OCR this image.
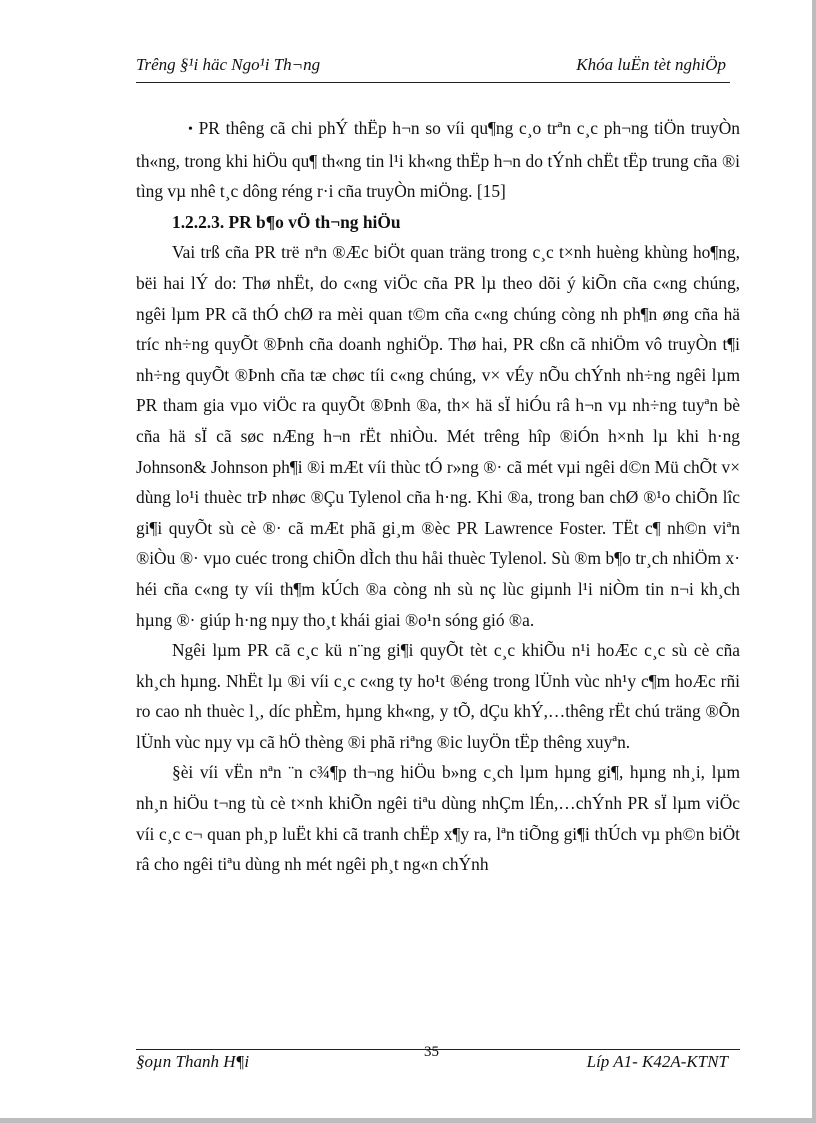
Trêng §¹i häc Ngo¹i Th¬ng	Khóa luËn tèt nghiÖp

• PR thêng cã chi phÝ thËp h¬n so víi qu¶ng c¸o trªn c¸c ph¬ng tiÖn truyÒn th«ng, trong khi hiÖu qu¶ th«ng tin l¹i kh«ng thËp h¬n do tÝnh chËt tËp trung cña ®i tìng vµ nhê t¸c dông réng r·i cña truyÒn miÖng. [15]

1.2.2.3. PR b¶o vÖ th¬ng hiÖu

Vai trß cña PR trë nªn ®Æc biÖt quan träng trong c¸c t×nh huèng khùng ho¶ng, bëi hai lÝ do: Thø nhËt, do c«ng viÖc cña PR lµ theo dõi ý kiÕn cña c«ng chúng, ngêi lµm PR cã thÓ chØ ra mèi quan t©m cña c«ng chúng còng nh ph¶n øng cña hä tríc nh÷ng quyÕt ®Þnh cña doanh nghiÖp. Thø hai, PR cßn cã nhiÖm vô truyÒn t¶i nh÷ng quyÕt ®Þnh cña tæ chøc tíi c«ng chúng, v× vÉy nÕu chÝnh nh÷ng ngêi lµm PR tham gia vµo viÖc ra quyÕt ®Þnh ®a, th× hä sÏ hiÓu râ h¬n vµ nh÷ng tuyªn bè cña hä sÏ cã søc nÆng h¬n rËt nhiÒu. Mét trêng hîp ®iÓn h×nh lµ khi h·ng Johnson& Johnson ph¶i ®i mÆt víi thùc tÓ r»ng ®· cã mét vµi ngêi d©n Mü chÕt v× dùng lo¹i thuèc trÞ nhøc ®Çu Tylenol cña h·ng. Khi ®a, trong ban chØ ®¹o chiÕn lîc gi¶i quyÕt sù cè ®· cã mÆt phã gi¸m ®èc PR Lawrence Foster. TËt c¶ nh©n viªn ®iÒu ®· vµo cuéc trong chiÕn dÌch thu håi thuèc Tylenol. Sù ®m b¶o tr¸ch nhiÖm x· héi cña c«ng ty víi th¶m kÚch ®a còng nh sù nç lùc giµnh l¹i niÒm tin n¬i kh¸ch hµng ®· giúp h·ng nµy tho¸t khái giai ®o¹n sóng gió ®a.

Ngêi lµm PR cã c¸c kü n¨ng gi¶i quyÕt tèt c¸c khiÕu n¹i hoÆc c¸c sù cè cña kh¸ch hµng. NhËt lµ ®i víi c¸c c«ng ty ho¹t ®éng trong lÜnh vùc nh¹y c¶m hoÆc rñi ro cao nh thuèc l¸, díc phÈm, hµng kh«ng, y tÕ, dÇu khÝ,…thêng rËt chú träng ®Õn lÜnh vùc nµy vµ cã hÖ thèng ®i phã riªng ®ic luyÖn tËp thêng xuyªn.

§èi víi vËn nªn ¨n c¾¶p th¬ng hiÖu b»ng c¸ch lµm hµng gi¶, hµng nh¸i, lµm nh¸n hiÖu t¬ng tù cè t×nh khiÕn ngêi tiªu dùng nhÇm lÉn,…chÝnh PR sÏ lµm viÖc víi c¸c c¬ quan ph¸p luËt khi cã tranh chËp x¶y ra, lªn tiÕng gi¶i thÚch vµ ph©n biÖt râ cho ngêi tiªu dùng nh mét ngêi ph¸t ng«n chÝnh

§oµn Thanh H¶i	35	Líp A1- K42A-KTNT
